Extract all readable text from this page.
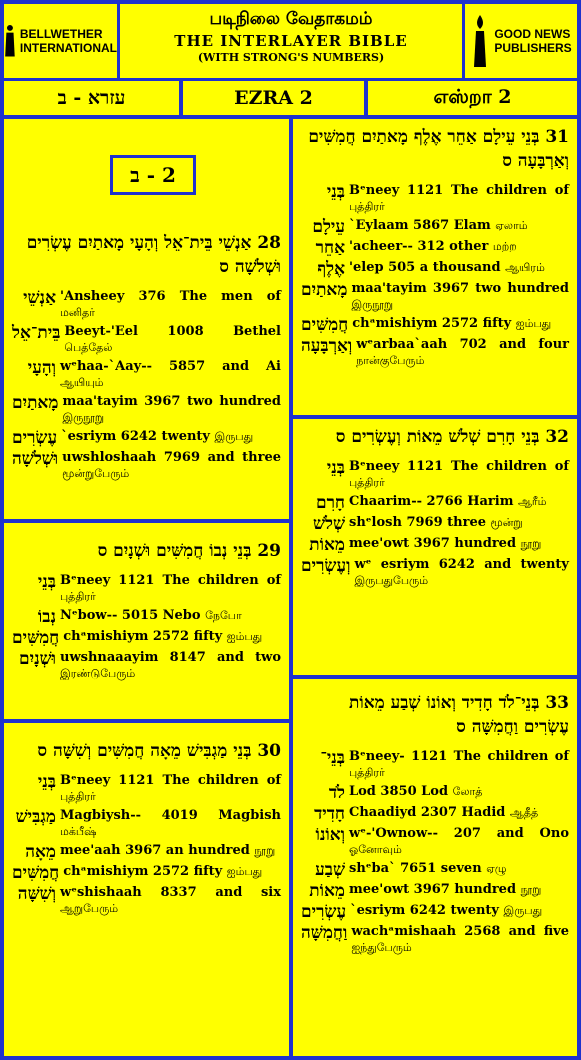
BELLWETHER
INTERNATIONAL
படிநிலை வேதாகமம்
THE INTERLAYER BIBLE
(WITH STRONG'S NUMBERS)
GOOD NEWS
PUBLISHERS
עזרא - ב	EZRA 2	எஸ்றா 2
2 - ב
28 אַנְשֵׁי בֵּית־אֵל וְהָעָי מָאתַיִם עֶשְׂרִים וּשְׁלֹשָׁה ס
אַנְשֵׁי 'Ansheey 376 The men of மனிதர்
בֵּית־אֵל Beeyt-'Eel 1008 Bethel பெத்தேல்
וְהָעָי wᵉhaa-`Aay-- 5857 and Ai ஆயியும்
מָאתַיִם maa'tayim 3967 two hundred இருநூறு
עֶשְׂרִים `esriym 6242 twenty இருபது
וּשְׁלֹשָׁה uwshloshaah 7969 and three மூன்றுபேரும்
29 בְּנֵי נְבוֹ חֲמִשִּׁים וּשְׁנָיִם ס
בְּנֵי Bᵉneey 1121 The children of புத்திரர்
נְבוֹ Nᵉbow-- 5015 Nebo நேபோ
חֲמִשִּׁים chᵃmishiym 2572 fifty ஐம்பது
וּשְׁנָיִם uwshnaaayim 8147 and two இரண்டுபேரும்
30 בְּנֵי מַגְבִּישׁ מֵאָה חֲמִשִּׁים וְשִׁשָּׁה ס
בְּנֵי Bᵉneey 1121 The children of புத்திரர்
מַגְבִּישׁ Magbiysh-- 4019 Magbish மக்பீஷ்
מֵאָה mee'aah 3967 an hundred நூறு
חֲמִשִּׁים chᵃmishiym 2572 fifty ஐம்பது
וְשִׁשָּׁה wᵉshishaah 8337 and six ஆறுபேரும்
31 בְּנֵי עֵילָם אַחֵר אֶלֶף מָאתַיִם חֲמִשִּׁים וְאַרְבָּעָה ס
בְּנֵי Bᵉneey 1121 The children of புத்திரர்
עֵילָם `Eylaam 5867 Elam ஏலாம்
אַחֵר 'acheer-- 312 other மற்ற
אֶלֶף 'elep 505 a thousand ஆயிரம்
מָאתַיִם maa'tayim 3967 two hundred இருநூறு
חֲמִשִּׁים chᵃmishiym 2572 fifty ஐம்பது
וְאַרְבָּעָה wᵉarbaa`aah 702 and four நான்குபேரும்
32 בְּנֵי חָרִם שְׁלֹשׁ מֵאוֹת וְעֶשְׂרִים ס
בְּנֵי Bᵉneey 1121 The children of புத்திரர்
חָרִם Chaarim-- 2766 Harim ஆரீம்
שְׁלֹשׁ shᵉlosh 7969 three மூன்று
מֵאוֹת mee'owt 3967 hundred நூறு
וְעֶשְׂרִים wᵉ esriym 6242 and twenty இருபதுபேரும்
33 בְּנֵי־לֹד חָדִיד וְאוֹנוֹ שְׁבַע מֵאוֹת עֶשְׂרִים וַחֲמִשָּׁה ס
בְּנֵי־ Bᵉneey- 1121 The children of புத்திரர்
לֹד Lod 3850 Lod லோத்
חָדִיד Chaadiyd 2307 Hadid ஆதீத்
וְאוֹנוֹ wᵉ-'Ownow-- 207 and Ono ஓனோவும்
שְׁבַע shᵉba` 7651 seven ஏழு
מֵאוֹת mee'owt 3967 hundred நூறு
עֶשְׂרִים `esriym 6242 twenty இருபது
וַחֲמִשָּׁה wachᵃmishaah 2568 and five ஐந்துபேரும்
